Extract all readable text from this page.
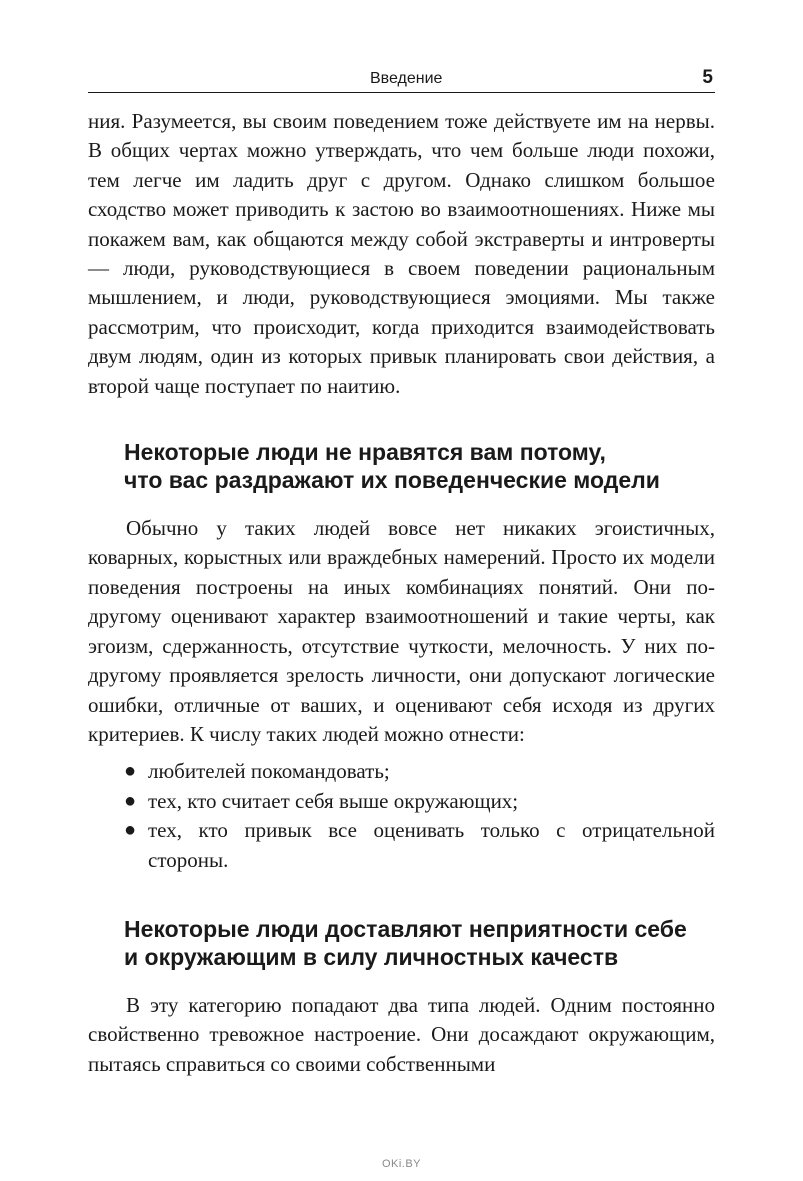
Введение	5

ния. Разумеется, вы своим поведением тоже действуете им на нервы. В общих чертах можно утверждать, что чем больше люди похожи, тем легче им ладить друг с другом. Однако слишком большое сходство может приводить к застою во взаимоотношениях. Ниже мы покажем вам, как общаются между собой экстраверты и интроверты — люди, руководствующиеся в своем поведении рациональным мышлением, и люди, руководствующиеся эмоциями. Мы также рассмотрим, что происходит, когда приходится взаимодействовать двум людям, один из которых привык планировать свои действия, а второй чаще поступает по наитию.

Некоторые люди не нравятся вам потому,
что вас раздражают их поведенческие модели

Обычно у таких людей вовсе нет никаких эгоистичных, коварных, корыстных или враждебных намерений. Просто их модели поведения построены на иных комбинациях понятий. Они по-другому оценивают характер взаимоотношений и такие черты, как эгоизм, сдержанность, отсутствие чуткости, мелочность. У них по-другому проявляется зрелость личности, они допускают логические ошибки, отличные от ваших, и оценивают себя исходя из других критериев. К числу таких людей можно отнести:

● любителей покомандовать;
● тех, кто считает себя выше окружающих;
● тех, кто привык все оценивать только с отрицательной стороны.
Некоторые люди доставляют неприятности себе
и окружающим в силу личностных качеств

В эту категорию попадают два типа людей. Одним постоянно свойственно тревожное настроение. Они досаждают окружающим, пытаясь справиться со своими собственными

OKi.BY
